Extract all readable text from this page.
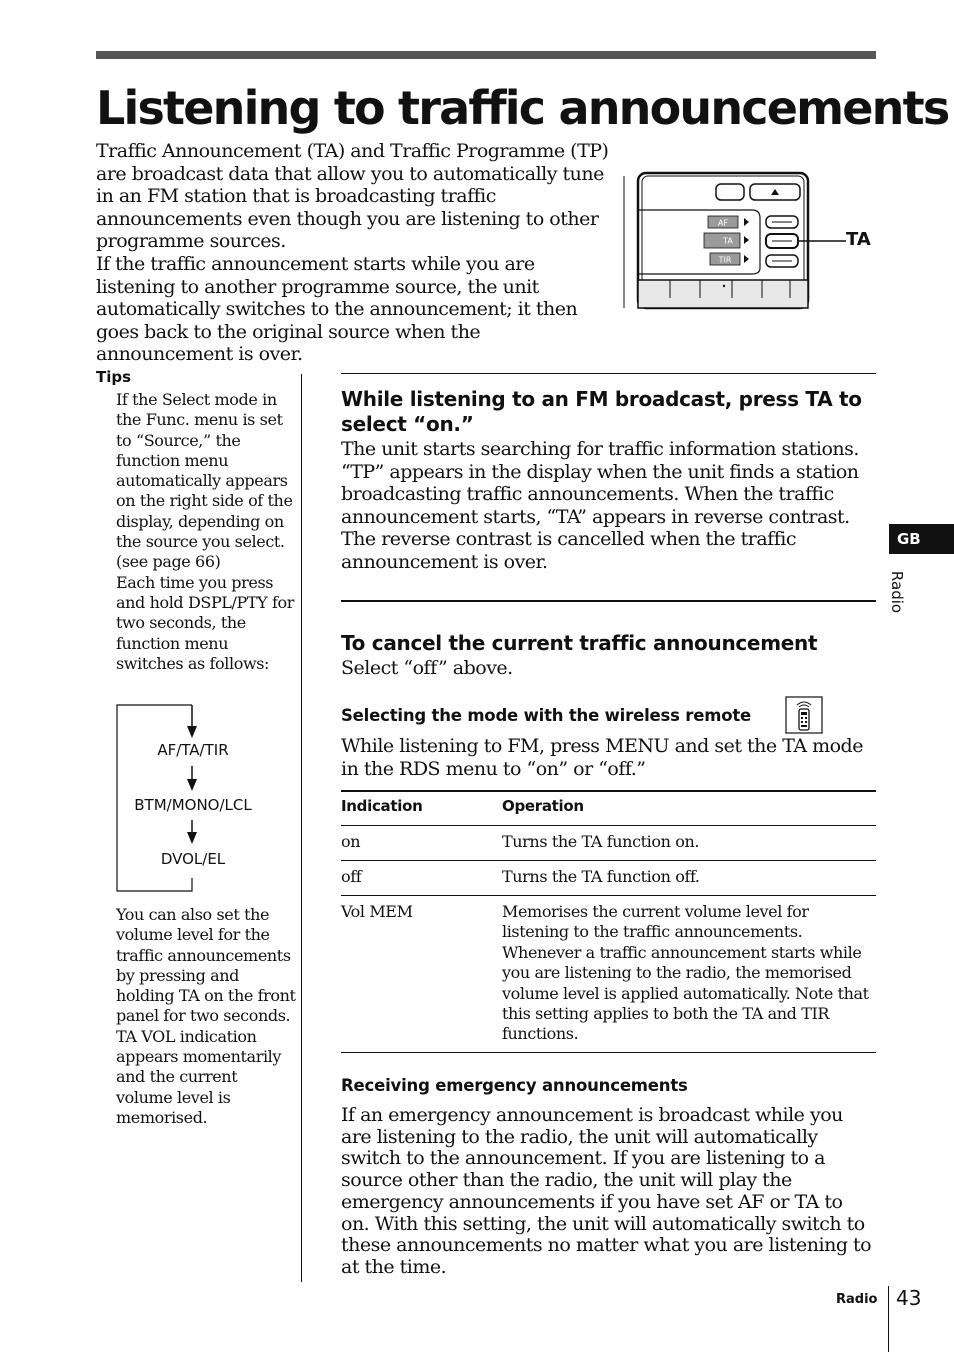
Listening to traffic announcements

Traffic Announcement (TA) and Traffic Programme (TP) are broadcast data that allow you to automatically tune in an FM station that is broadcasting traffic announcements even though you are listening to other programme sources.

If the traffic announcement starts while you are listening to another programme source, the unit automatically switches to the announcement; it then goes back to the original source when the announcement is over.

AF
TA
TIR
TA
Tips

If the Select mode in the Func. menu is set to “Source,” the function menu automatically appears on the right side of the display, depending on the source you select. (see page 66)

Each time you press and hold DSPL/PTY for two seconds, the function menu switches as follows:

AF/TA/TIR
BTM/MONO/LCL
DVOL/EL

You can also set the volume level for the traffic announcements by pressing and holding TA on the front panel for two seconds. TA VOL indication appears momentarily and the current volume level is memorised.

While listening to an FM broadcast, press TA to select “on.”

The unit starts searching for traffic information stations. “TP” appears in the display when the unit finds a station broadcasting traffic announcements. When the traffic announcement starts, “TA” appears in reverse contrast. The reverse contrast is cancelled when the traffic announcement is over.

To cancel the current traffic announcement

Select “off” above.

Selecting the mode with the wireless remote

While listening to FM, press MENU and set the TA mode in the RDS menu to “on” or “off.”

Indication	Operation
on	Turns the TA function on.
off	Turns the TA function off.
Vol MEM	Memorises the current volume level for listening to the traffic announcements. Whenever a traffic announcement starts while you are listening to the radio, the memorised volume level is applied automatically. Note that this setting applies to both the TA and TIR functions.
Receiving emergency announcements

If an emergency announcement is broadcast while you are listening to the radio, the unit will automatically switch to the announcement. If you are listening to a source other than the radio, the unit will play the emergency announcements if you have set AF or TA to on. With this setting, the unit will automatically switch to these announcements no matter what you are listening to at the time.

GB
Radio
Radio 43
